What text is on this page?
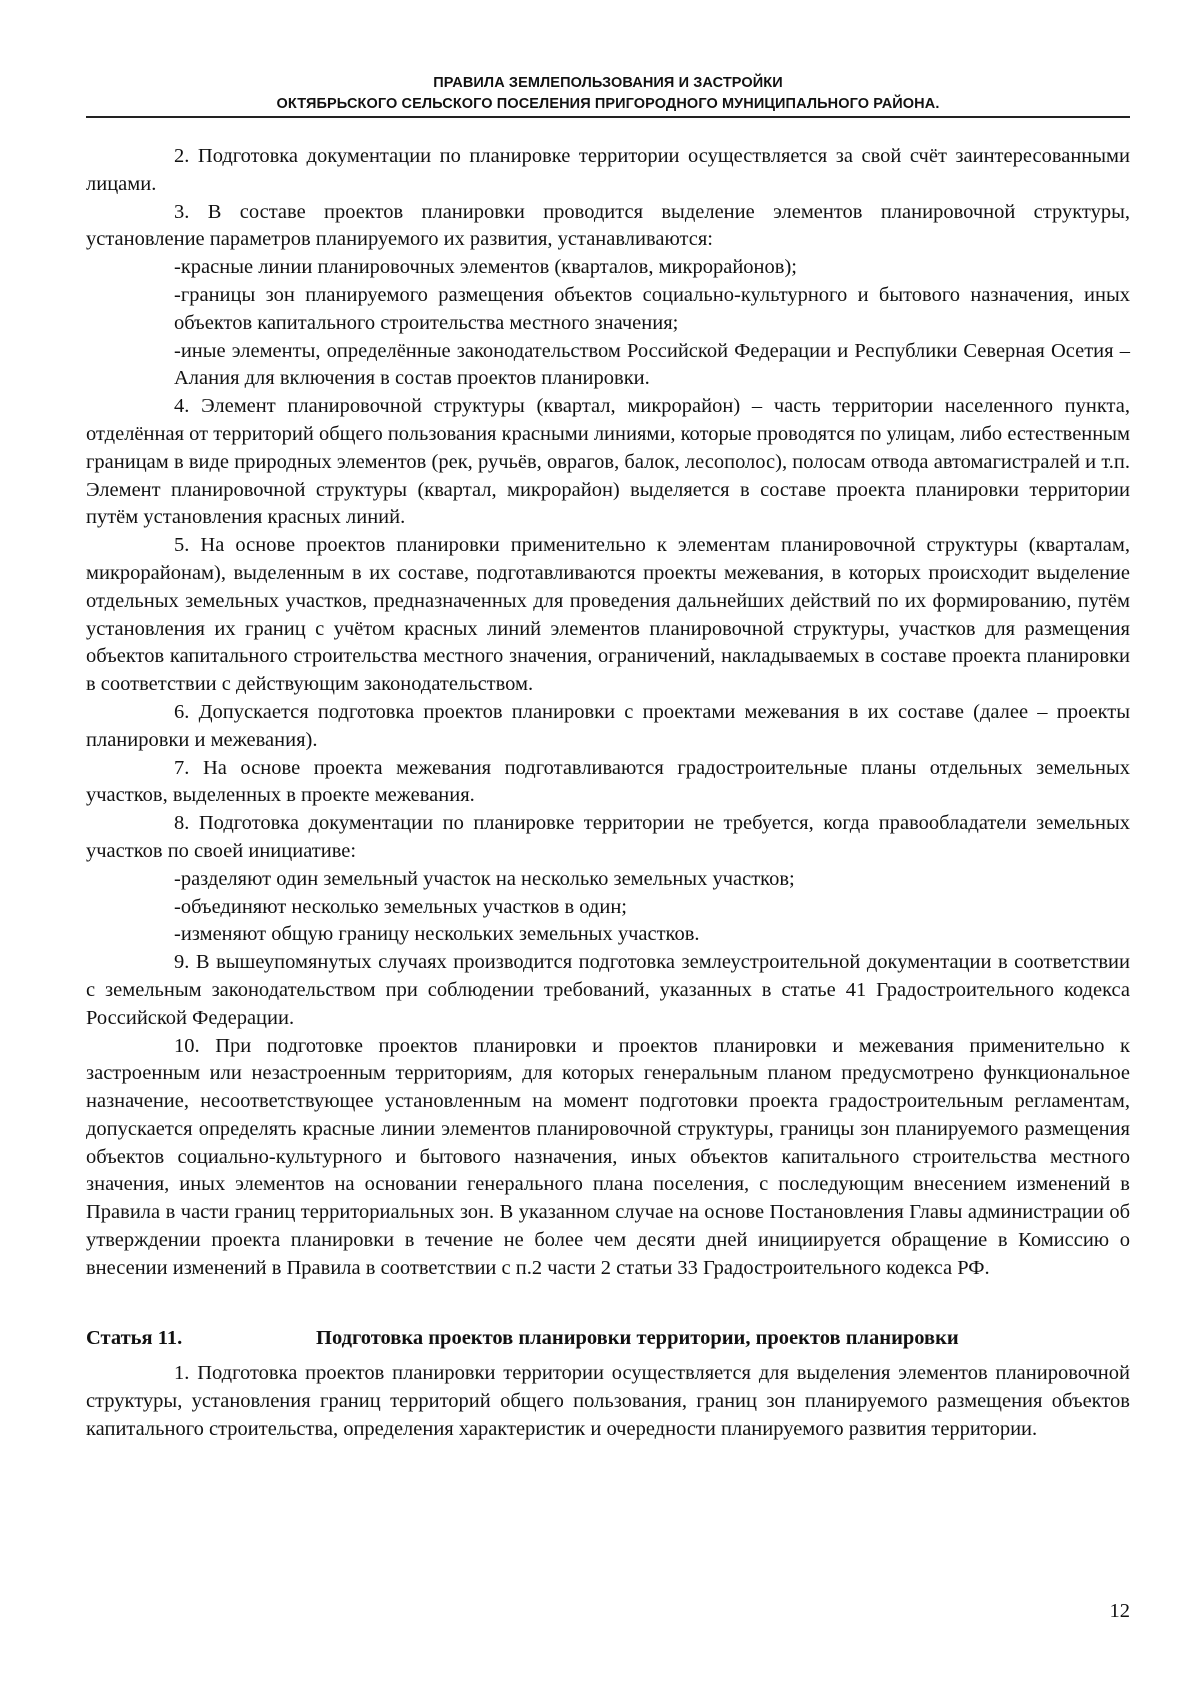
ПРАВИЛА ЗЕМЛЕПОЛЬЗОВАНИЯ И ЗАСТРОЙКИ
ОКТЯБРЬСКОГО СЕЛЬСКОГО ПОСЕЛЕНИЯ ПРИГОРОДНОГО МУНИЦИПАЛЬНОГО РАЙОНА.

2. Подготовка документации по планировке территории осуществляется за свой счёт заинтересованными лицами.

3. В составе проектов планировки проводится выделение элементов планировочной структуры, установление параметров планируемого их развития, устанавливаются:

-красные линии планировочных элементов (кварталов, микрорайонов);

-границы зон планируемого размещения объектов социально-культурного и бытового назначения, иных объектов капитального строительства местного значения;

-иные элементы, определённые законодательством Российской Федерации и Республики Северная Осетия – Алания для включения в состав проектов планировки.

4. Элемент планировочной структуры (квартал, микрорайон) – часть территории населенного пункта, отделённая от территорий общего пользования красными линиями, которые проводятся по улицам, либо естественным границам в виде природных элементов (рек, ручьёв, оврагов, балок, лесополос), полосам отвода автомагистралей и т.п. Элемент планировочной структуры (квартал, микрорайон) выделяется в составе проекта планировки территории путём установления красных линий.

5. На основе проектов планировки применительно к элементам планировочной структуры (кварталам, микрорайонам), выделенным в их составе, подготавливаются проекты межевания, в которых происходит выделение отдельных земельных участков, предназначенных для проведения дальнейших действий по их формированию, путём установления их границ с учётом красных линий элементов планировочной структуры, участков для размещения объектов капитального строительства местного значения, ограничений, накладываемых в составе проекта планировки в соответствии с действующим законодательством.

6. Допускается подготовка проектов планировки с проектами межевания в их составе (далее – проекты планировки и межевания).

7. На основе проекта межевания подготавливаются градостроительные планы отдельных земельных участков, выделенных в проекте межевания.

8. Подготовка документации по планировке территории не требуется, когда правообладатели земельных участков по своей инициативе:

-разделяют один земельный участок на несколько земельных участков;

-объединяют несколько земельных участков в один;

-изменяют общую границу нескольких земельных участков.

9. В вышеупомянутых случаях производится подготовка землеустроительной документации в соответствии с земельным законодательством при соблюдении требований, указанных в статье 41 Градостроительного кодекса Российской Федерации.

10. При подготовке проектов планировки и проектов планировки и межевания применительно к застроенным или незастроенным территориям, для которых генеральным планом предусмотрено функциональное назначение, несоответствующее установленным на момент подготовки проекта градостроительным регламентам, допускается определять красные линии элементов планировочной структуры, границы зон планируемого размещения объектов социально-культурного и бытового назначения, иных объектов капитального строительства местного значения, иных элементов на основании генерального плана поселения, с последующим внесением изменений в Правила в части границ территориальных зон. В указанном случае на основе Постановления Главы администрации об утверждении проекта планировки в течение не более чем десяти дней инициируется обращение в Комиссию о внесении изменений в Правила в соответствии с п.2 части 2 статьи 33 Градостроительного кодекса РФ.

Статья 11.	Подготовка проектов планировки территории, проектов планировки

1. Подготовка проектов планировки территории осуществляется для выделения элементов планировочной структуры, установления границ территорий общего пользования, границ зон планируемого размещения объектов капитального строительства, определения характеристик и очередности планируемого развития территории.

12
